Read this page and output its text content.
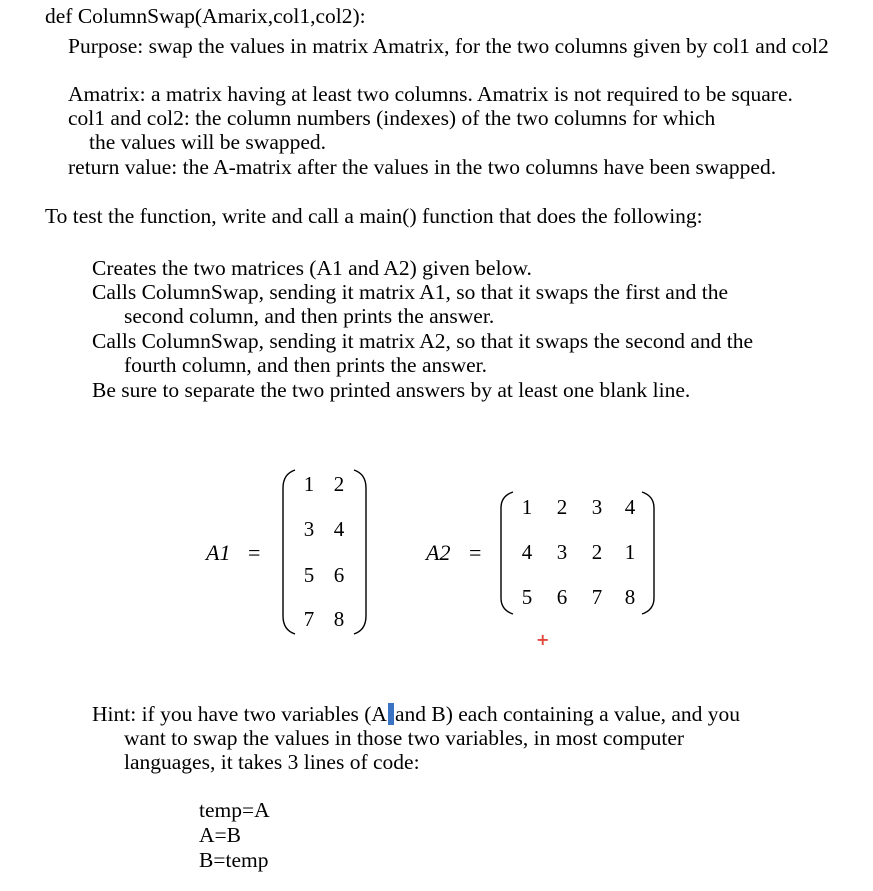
def ColumnSwap(Amarix,col1,col2):
Purpose: swap the values in matrix Amatrix, for the two columns given by col1 and col2
Amatrix: a matrix having at least two columns. Amatrix is not required to be square.
col1 and col2: the column numbers (indexes) of the two columns for which
the values will be swapped.
return value: the A-matrix after the values in the two columns have been swapped.
To test the function, write and call a main() function that does the following:
Creates the two matrices (A1 and A2) given below.
Calls ColumnSwap, sending it matrix A1, so that it swaps the first and the
second column, and then prints the answer.
Calls ColumnSwap, sending it matrix A2, so that it swaps the second and the
fourth column, and then prints the answer.
Be sure to separate the two printed answers by at least one blank line.
A1 =
1 2
3 4
5 6
7 8
A2 =
1 2 3 4
4 3 2 1
5 6 7 8
+
Hint: if you have two variables (A and B) each containing a value, and you
want to swap the values in those two variables, in most computer
languages, it takes 3 lines of code:
temp=A
A=B
B=temp
